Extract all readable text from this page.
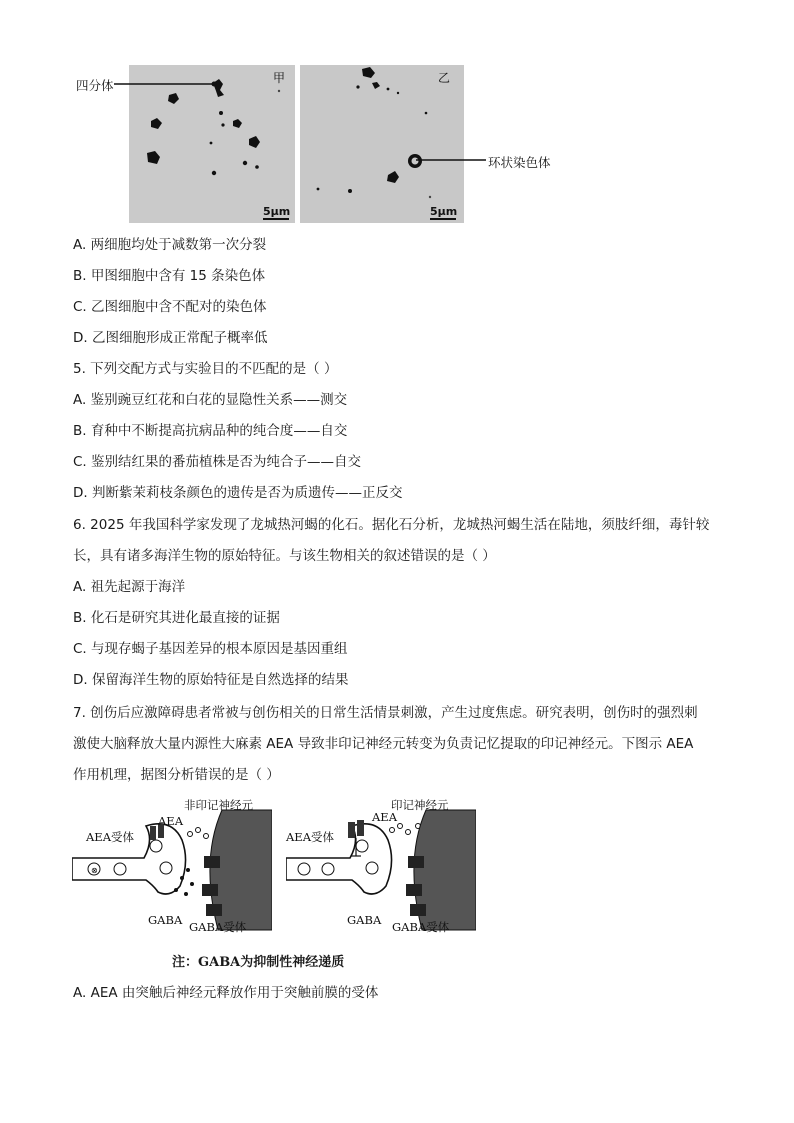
甲
5μm
乙
5μm
四分体
环状染色体
A. 两细胞均处于减数第一次分裂
B. 甲图细胞中含有 15 条染色体
C. 乙图细胞中含不配对的染色体
D. 乙图细胞形成正常配子概率低
5. 下列交配方式与实验目的不匹配的是（ ）
A. 鉴别豌豆红花和白花的显隐性关系——测交
B. 育种中不断提高抗病品种的纯合度——自交
C. 鉴别结红果的番茄植株是否为纯合子——自交
D. 判断紫茉莉枝条颜色的遗传是否为质遗传——正反交
6. 2025 年我国科学家发现了龙城热河蝎的化石。据化石分析，龙城热河蝎生活在陆地，须肢纤细，毒针较
长，具有诸多海洋生物的原始特征。与该生物相关的叙述错误的是（ ）
A. 祖先起源于海洋
B. 化石是研究其进化最直接的证据
C. 与现存蝎子基因差异的根本原因是基因重组
D. 保留海洋生物的原始特征是自然选择的结果
7. 创伤后应激障碍患者常被与创伤相关的日常生活情景刺激，产生过度焦虑。研究表明，创伤时的强烈刺
激使大脑释放大量内源性大麻素 AEA 导致非印记神经元转变为负责记忆提取的印记神经元。下图示 AEA
作用机理，据图分析错误的是（ ）
⊗
非印记神经元
AEA
AEA受体
GABA GABA受体
印记神经元
AEA
AEA受体
GABA GABA受体
注：GABA为抑制性神经递质
A. AEA 由突触后神经元释放作用于突触前膜的受体
